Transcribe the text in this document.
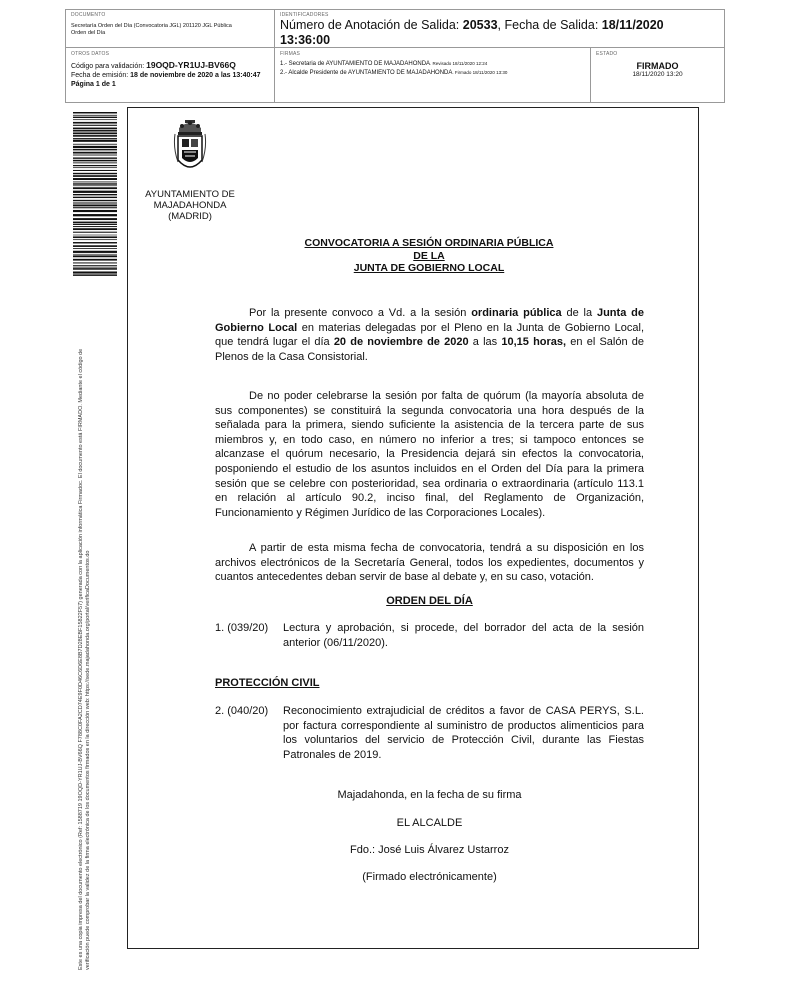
DOCUMENTO
Secretaría Orden del Día (Convocatoria JGL) 201120 JGL Pública
Orden del Día
IDENTIFICADORES
Número de Anotación de Salida: 20533, Fecha de Salida: 18/11/2020
13:36:00
OTROS DATOS
Código para validación: 19OQD-YR1UJ-BV66Q
Fecha de emisión: 18 de noviembre de 2020 a las 13:40:47
Página 1 de 1
FIRMAS
1.- Secretaria de AYUNTAMIENTO DE MAJADAHONDA. Revisado 18/11/2020 12:24
2.- Alcalde Presidente de AYUNTAMIENTO DE MAJADAHONDA. Firmado 18/11/2020 13:30
ESTADO
FIRMADO
18/11/2020 13:20
Este es una copia impresa del documento electrónico (Ref: 1588719 19OQD-YR1UJ-BV66Q F788C0FA2CD74E9F0D46C6D6E8B7D28EBF15822F57) generada con la aplicación informática Firmadoc. El documento está FIRMADO. Mediante el código de verificación puede comprobar la validez de la firma electrónica de los documentos firmados en la dirección web: https://sede.majadahonda.org/portal/verificaDocumentos.do
AYUNTAMIENTO DE
MAJADAHONDA
(MADRID)
CONVOCATORIA A SESIÓN ORDINARIA PÚBLICA
DE LA
JUNTA DE GOBIERNO LOCAL
Por la presente convoco a Vd. a la sesión ordinaria pública de la Junta de Gobierno Local en materias delegadas por el Pleno en la Junta de Gobierno Local, que tendrá lugar el día 20 de noviembre de 2020 a las 10,15 horas, en el Salón de Plenos de la Casa Consistorial.
De no poder celebrarse la sesión por falta de quórum (la mayoría absoluta de sus componentes) se constituirá la segunda convocatoria una hora después de la señalada para la primera, siendo suficiente la asistencia de la tercera parte de sus miembros y, en todo caso, en número no inferior a tres; si tampoco entonces se alcanzase el quórum necesario, la Presidencia dejará sin efectos la convocatoria, posponiendo el estudio de los asuntos incluidos en el Orden del Día para la primera sesión que se celebre con posterioridad, sea ordinaria o extraordinaria (artículo 113.1 en relación al artículo 90.2, inciso final, del Reglamento de Organización, Funcionamiento y Régimen Jurídico de las Corporaciones Locales).
A partir de esta misma fecha de convocatoria, tendrá a su disposición en los archivos electrónicos de la Secretaría General, todos los expedientes, documentos y cuantos antecedentes deban servir de base al debate y, en su caso, votación.
ORDEN DEL DÍA
1. (039/20)	Lectura y aprobación, si procede, del borrador del acta de la sesión anterior (06/11/2020).
PROTECCIÓN CIVIL
2. (040/20)	Reconocimiento extrajudicial de créditos a favor de CASA PERYS, S.L. por factura correspondiente al suministro de productos alimenticios para los voluntarios del servicio de Protección Civil, durante las Fiestas Patronales de 2019.
Majadahonda, en la fecha de su firma
EL ALCALDE
Fdo.: José Luis Álvarez Ustarroz
(Firmado electrónicamente)
